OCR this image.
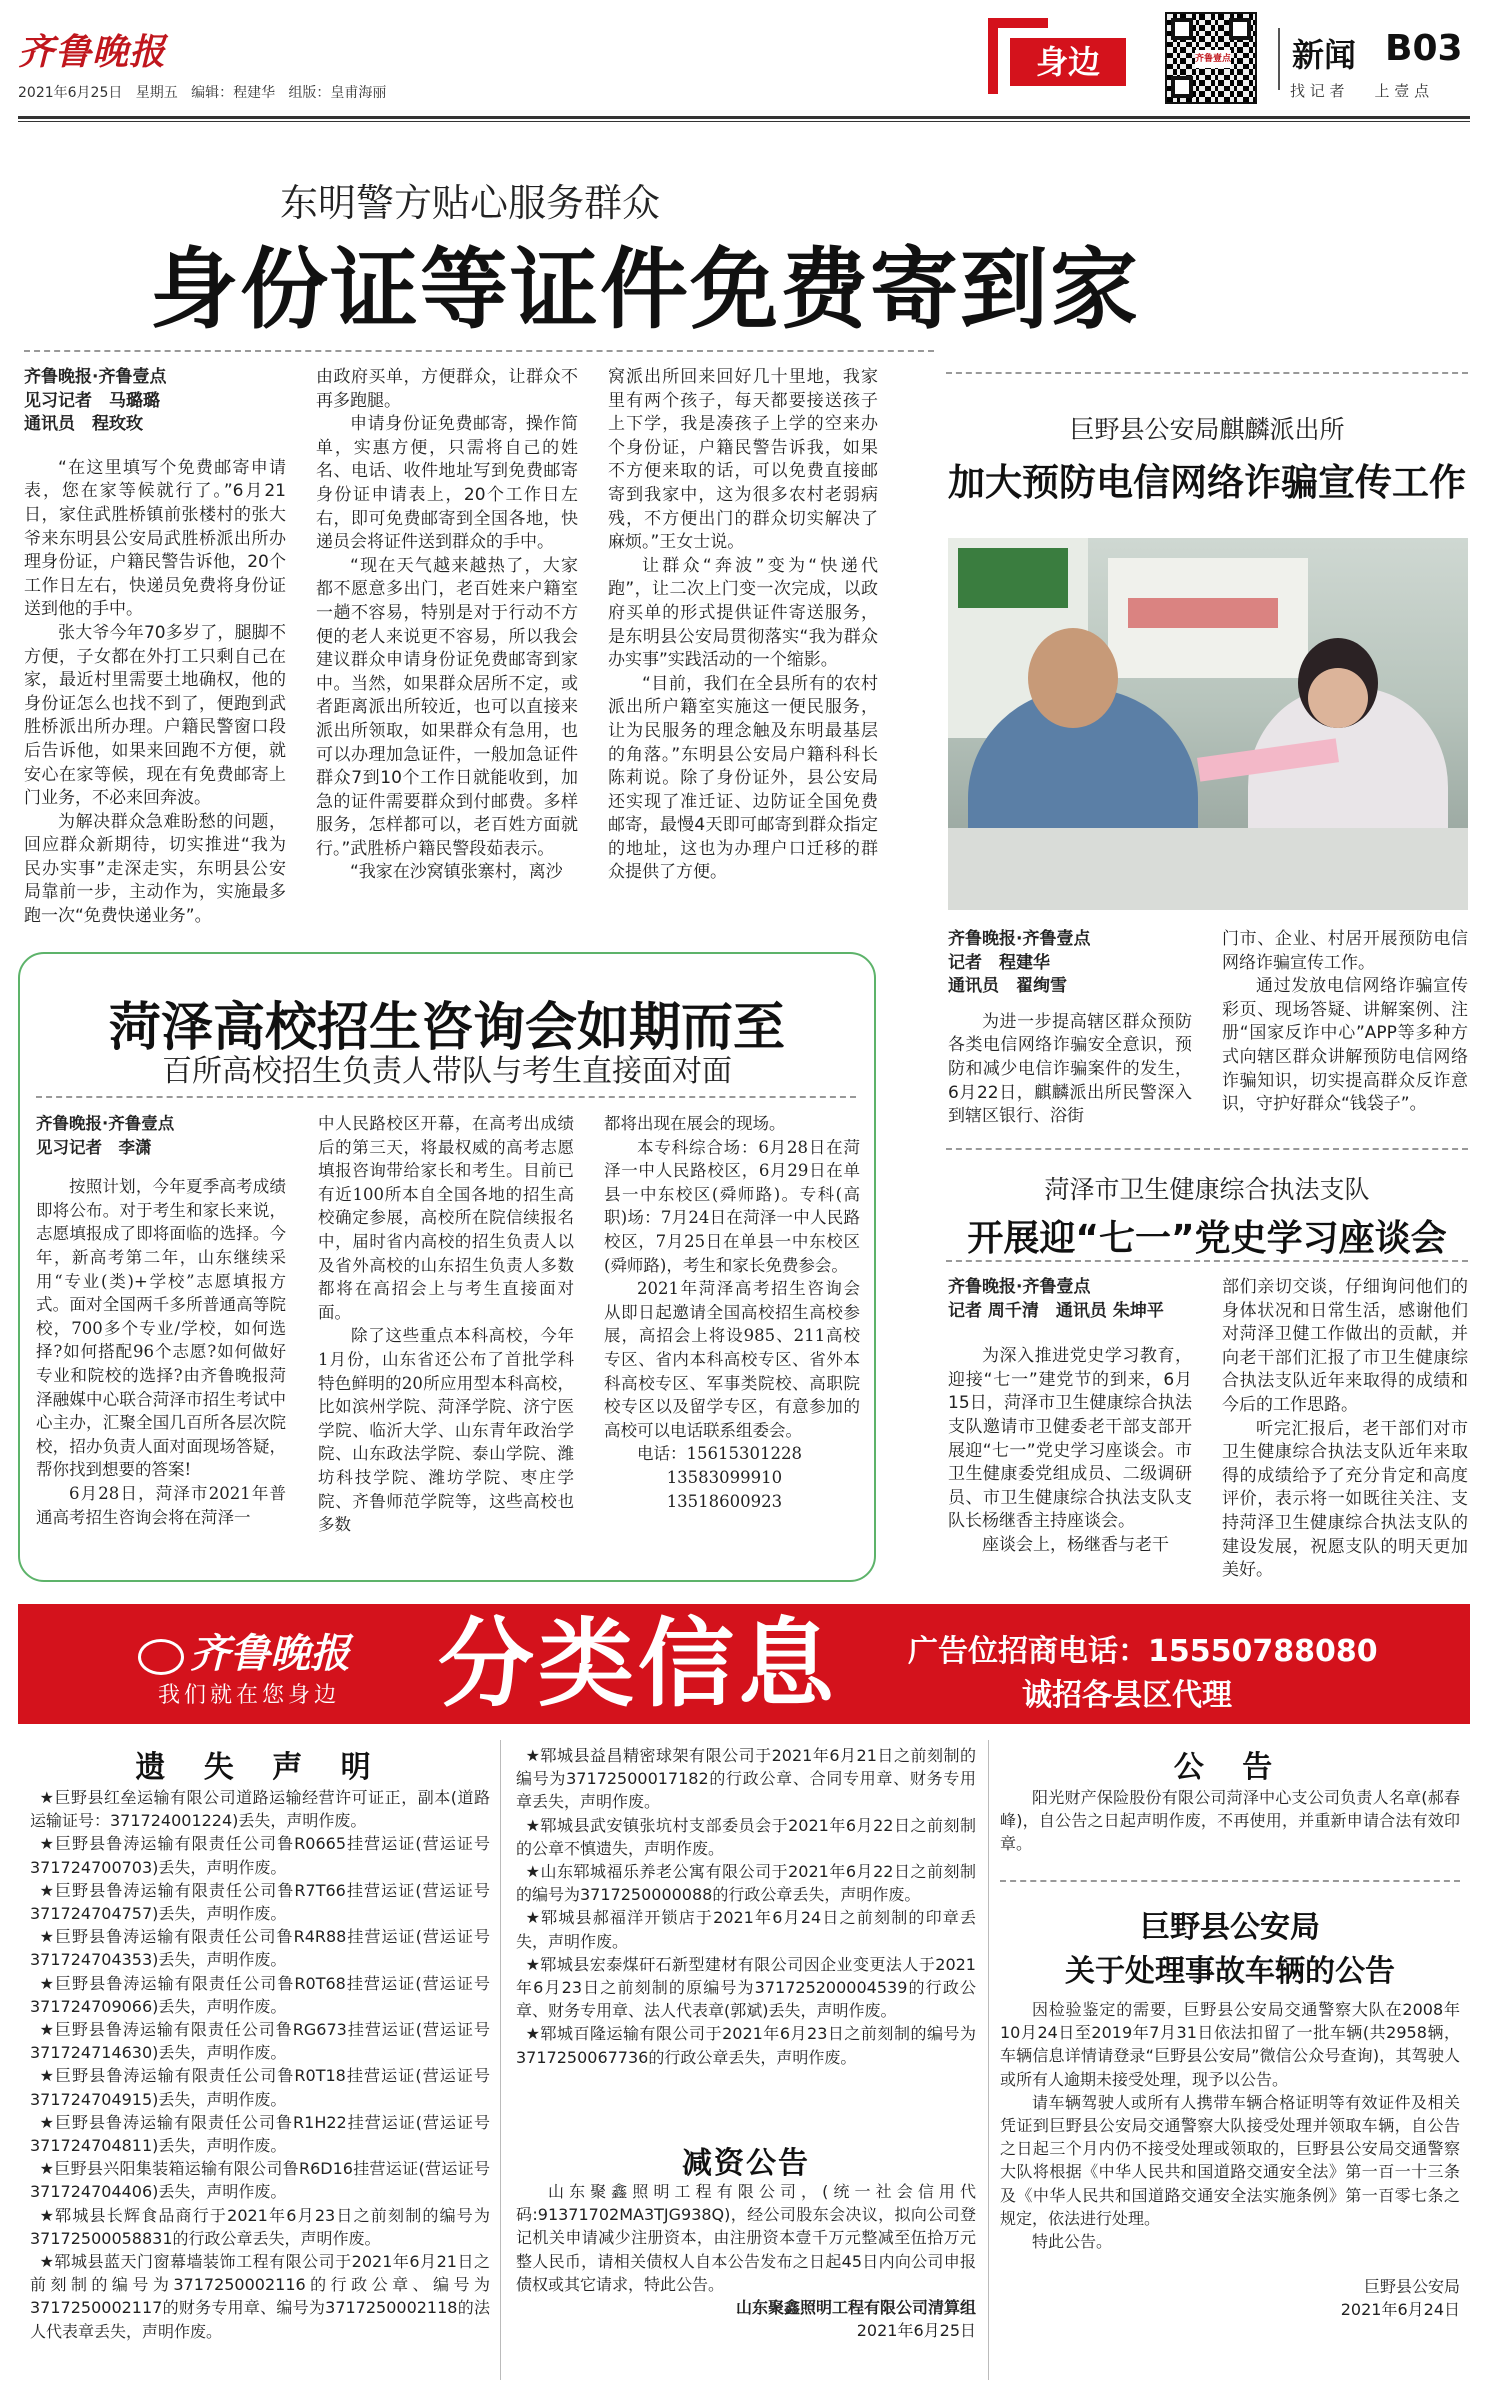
齐鲁晚报
2021年6月25日 星期五 编辑：程建华 组版：皇甫海丽
身边	齐鲁壹点 新闻 B03
找 记 者　　上 壹 点
东明警方贴心服务群众
身份证等证件免费寄到家

齐鲁晚报·齐鲁壹点

见习记者　马璐璐

通讯员　程玫玫

“在这里填写个免费邮寄申请表，您在家等候就行了。”6月21日，家住武胜桥镇前张楼村的张大爷来东明县公安局武胜桥派出所办理身份证，户籍民警告诉他，20个工作日左右，快递员免费将身份证送到他的手中。

张大爷今年70多岁了，腿脚不方便，子女都在外打工只剩自己在家，最近村里需要土地确权，他的身份证怎么也找不到了，便跑到武胜桥派出所办理。户籍民警窗口段后告诉他，如果来回跑不方便，就安心在家等候，现在有免费邮寄上门业务，不必来回奔波。

为解决群众急难盼愁的问题，回应群众新期待，切实推进“我为民办实事”走深走实，东明县公安局靠前一步，主动作为，实施最多跑一次“免费快递业务”。

由政府买单，方便群众，让群众不再多跑腿。

申请身份证免费邮寄，操作简单，实惠方便，只需将自己的姓名、电话、收件地址写到免费邮寄身份证申请表上，20个工作日左右，即可免费邮寄到全国各地，快递员会将证件送到群众的手中。

“现在天气越来越热了，大家都不愿意多出门，老百姓来户籍室一趟不容易，特别是对于行动不方便的老人来说更不容易，所以我会建议群众申请身份证免费邮寄到家中。当然，如果群众居所不定，或者距离派出所较近，也可以直接来派出所领取，如果群众有急用，也可以办理加急证件，一般加急证件群众7到10个工作日就能收到，加急的证件需要群众到付邮费。多样服务，怎样都可以，老百姓方面就行。”武胜桥户籍民警段茹表示。

“我家在沙窝镇张寨村，离沙

窝派出所回来回好几十里地，我家里有两个孩子，每天都要接送孩子上下学，我是凑孩子上学的空来办个身份证，户籍民警告诉我，如果不方便来取的话，可以免费直接邮寄到我家中，这为很多农村老弱病残，不方便出门的群众切实解决了麻烦。”王女士说。

让群众“奔波”变为“快递代跑”，让二次上门变一次完成，以政府买单的形式提供证件寄送服务，是东明县公安局贯彻落实“我为群众办实事”实践活动的一个缩影。

“目前，我们在全县所有的农村派出所户籍室实施这一便民服务，让为民服务的理念触及东明最基层的角落。”东明县公安局户籍科科长陈莉说。除了身份证外，县公安局还实现了准迁证、边防证全国免费邮寄，最慢4天即可邮寄到群众指定的地址，这也为办理户口迁移的群众提供了方便。

巨野县公安局麒麟派出所
加大预防电信网络诈骗宣传工作

齐鲁晚报·齐鲁壹点

记者　程建华

通讯员　翟绚雪

为进一步提高辖区群众预防各类电信网络诈骗安全意识，预防和减少电信诈骗案件的发生，6月22日，麒麟派出所民警深入到辖区银行、浴街

门市、企业、村居开展预防电信网络诈骗宣传工作。

通过发放电信网络诈骗宣传彩页、现场答疑、讲解案例、注册“国家反诈中心”APP等多种方式向辖区群众讲解预防电信网络诈骗知识，切实提高群众反诈意识，守护好群众“钱袋子”。

菏泽市卫生健康综合执法支队
开展迎“七一”党史学习座谈会

齐鲁晚报·齐鲁壹点

记者 周千清　通讯员 朱坤平

为深入推进党史学习教育，迎接“七一”建党节的到来，6月15日，菏泽市卫生健康综合执法支队邀请市卫健委老干部支部开展迎“七一”党史学习座谈会。市卫生健康委党组成员、二级调研员、市卫生健康综合执法支队支队长杨继香主持座谈会。

座谈会上，杨继香与老干

部们亲切交谈，仔细询问他们的身体状况和日常生活，感谢他们对菏泽卫健工作做出的贡献，并向老干部们汇报了市卫生健康综合执法支队近年来取得的成绩和今后的工作思路。

听完汇报后，老干部们对市卫生健康综合执法支队近年来取得的成绩给予了充分肯定和高度评价，表示将一如既往关注、支持菏泽卫生健康综合执法支队的建设发展，祝愿支队的明天更加美好。

菏泽高校招生咨询会如期而至
百所高校招生负责人带队与考生直接面对面

齐鲁晚报·齐鲁壹点

见习记者　李潇

按照计划，今年夏季高考成绩即将公布。对于考生和家长来说，志愿填报成了即将面临的选择。今年，新高考第二年，山东继续采用“专业(类)+学校”志愿填报方式。面对全国两千多所普通高等院校，700多个专业/学校，如何选择?如何搭配96个志愿?如何做好专业和院校的选择?由齐鲁晚报菏泽融媒中心联合菏泽市招生考试中心主办，汇聚全国几百所各层次院校，招办负责人面对面现场答疑，帮你找到想要的答案!

6月28日，菏泽市2021年普通高考招生咨询会将在菏泽一

中人民路校区开幕，在高考出成绩后的第三天，将最权威的高考志愿填报咨询带给家长和考生。目前已有近100所本自全国各地的招生高校确定参展，高校所在院信续报名中，届时省内高校的招生负责人以及省外高校的山东招生负责人多数都将在高招会上与考生直接面对面。

除了这些重点本科高校，今年1月份，山东省还公布了首批学科特色鲜明的20所应用型本科高校，比如滨州学院、菏泽学院、济宁医学院、临沂大学、山东青年政治学院、山东政法学院、泰山学院、潍坊科技学院、潍坊学院、枣庄学院、齐鲁师范学院等，这些高校也多数

都将出现在展会的现场。

本专科综合场：6月28日在菏泽一中人民路校区，6月29日在单县一中东校区(舜师路)。专科(高职)场：7月24日在菏泽一中人民路校区，7月25日在单县一中东校区(舜师路)，考生和家长免费参会。

2021年菏泽高考招生咨询会从即日起邀请全国高校招生高校参展，高招会上将设985、211高校专区、省内本科高校专区、省外本科高校专区、军事类院校、高职院校专区以及留学专区，有意参加的高校可以电话联系组委会。

电话：15615301228

13583099910

13518600923

齐鲁晚报
我们就在您身边 分类信息 广告位招商电话：15550788080
诚招各县区代理
遗 失 声 明

★巨野县红垒运输有限公司道路运输经营许可证正，副本(道路运输证号：371724001224)丢失，声明作废。

★巨野县鲁涛运输有限责任公司鲁R0665挂营运证(营运证号371724700703)丢失，声明作废。

★巨野县鲁涛运输有限责任公司鲁R7T66挂营运证(营运证号371724704757)丢失，声明作废。

★巨野县鲁涛运输有限责任公司鲁R4R88挂营运证(营运证号371724704353)丢失，声明作废。

★巨野县鲁涛运输有限责任公司鲁R0T68挂营运证(营运证号371724709066)丢失，声明作废。

★巨野县鲁涛运输有限责任公司鲁RG673挂营运证(营运证号371724714630)丢失，声明作废。

★巨野县鲁涛运输有限责任公司鲁R0T18挂营运证(营运证号371724704915)丢失，声明作废。

★巨野县鲁涛运输有限责任公司鲁R1H22挂营运证(营运证号371724704811)丢失，声明作废。

★巨野县兴阳集装箱运输有限公司鲁R6D16挂营运证(营运证号371724704406)丢失，声明作废。

★郓城县长辉食品商行于2021年6月23日之前刻制的编号为3717250005883​1的行政公章丢失，声明作废。

★郓城县蓝天门窗幕墙装饰工程有限公司于2021年6月21日之前刻制的编号为3717250002116的行政公章、编号为3717250002117的财务专用章、编号为3717250002118的法人代表章丢失，声明作废。

★郓城县益昌精密球架有限公司于2021年6月21日之前刻制的编号为37172500017182的行政公章、合同专用章、财务专用章丢失，声明作废。

★郓城县武安镇张坑村支部委员会于2021年6月22日之前刻制的公章不慎遗失，声明作废。

★山东郓城福乐养老公寓有限公司于2021年6月22日之前刻制的编号为3717250000088的行政公章丢失，声明作废。

★郓城县郝福洋开锁店于2021年6月24日之前刻制的印章丢失，声明作废。

★郓城县宏泰煤矸石新型建材有限公司因企业变更法人于2021年6月23日之前刻制的原编号为371725200004539的行政公章、财务专用章、法人代表章(郭斌)丢失，声明作废。

★郓城百隆运输有限公司于2021年6月23日之前刻制的编号为3717250067736的行政公章丢失，声明作废。

减资公告

山东聚鑫照明工程有限公司，(统一社会信用代码:91371702MA3TJG938Q)，经公司股东会决议，拟向公司登记机关申请减少注册资本，由注册资本壹千万元整减至伍拾万元整人民币，请相关债权人自本公告发布之日起45日内向公司申报债权或其它请求，特此公告。

山东聚鑫照明工程有限公司清算组

2021年6月25日

公 告

阳光财产保险股份有限公司菏泽中心支公司负责人名章(郝春峰)，自公告之日起声明作废，不再使用，并重新申请合法有效印章。

巨野县公安局
关于处理事故车辆的公告

因检验鉴定的需要，巨野县公安局交通警察大队在2008年10月24日至2019年7月31日依法扣留了一批车辆(共2958辆，车辆信息详情请登录“巨野县公安局”微信公众号查询)，其驾驶人或所有人逾期未接受处理，现予以公告。

请车辆驾驶人或所有人携带车辆合格证明等有效证件及相关凭证到巨野县公安局交通警察大队接受处理并领取车辆，自公告之日起三个月内仍不接受处理或领取的，巨野县公安局交通警察大队将根据《中华人民共和国道路交通安全法》第一百一十三条及《中华人民共和国道路交通安全法实施条例》第一百零七条之规定，依法进行处理。

特此公告。

巨野县公安局

2021年6月24日
